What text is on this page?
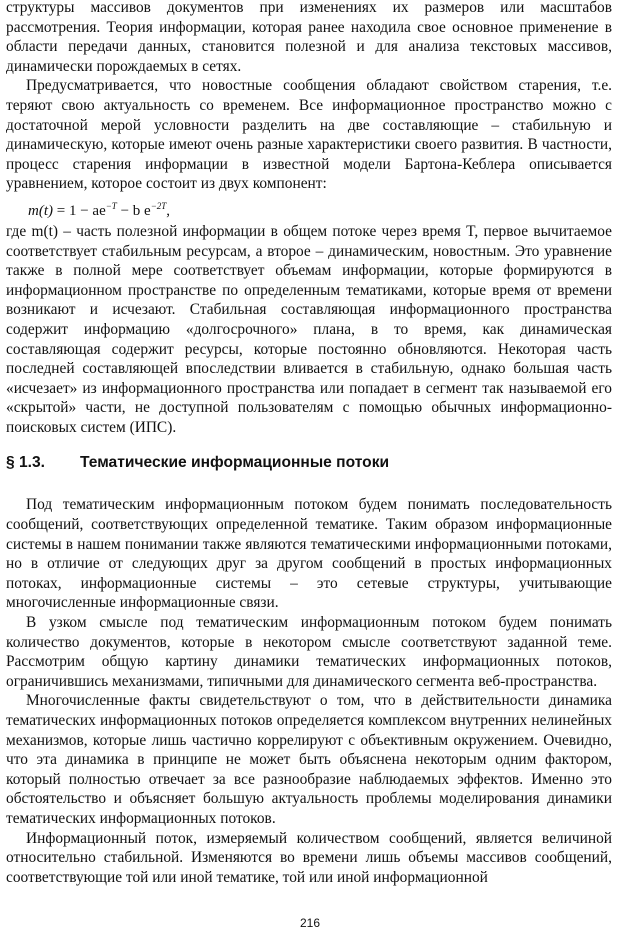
структуры массивов документов при изменениях их размеров или масштабов рассмотрения. Теория информации, которая ранее находила свое основное применение в области передачи данных, становится полезной и для анализа текстовых массивов, динамически порождаемых в сетях.

Предусматривается, что новостные сообщения обладают свойством старения, т.е. теряют свою актуальность со временем. Все информационное пространство можно с достаточной мерой условности разделить на две составляющие – стабильную и динамическую, которые имеют очень разные характеристики своего развития. В частности, процесс старения информации в известной модели Бартона-Кеблера описывается уравнением, которое состоит из двух компонент:

$m(t) = 1 - ae^{-T} - b$ $e^{-2T}$,

где m(t) – часть полезной информации в общем потоке через время T, первое вычитаемое соответствует стабильным ресурсам, а второе – динамическим, новостным. Это уравнение также в полной мере соответствует объемам информации, которые формируются в информационном пространстве по определенным тематиками, которые время от времени возникают и исчезают. Стабильная составляющая информационного пространства содержит информацию «долгосрочного» плана, в то время, как динамическая составляющая содержит ресурсы, которые постоянно обновляются. Некоторая часть последней составляющей впоследствии вливается в стабильную, однако большая часть «исчезает» из информационного пространства или попадает в сегмент так называемой его «скрытой» части, не доступной пользователям с помощью обычных информационно-поисковых систем (ИПС).

§ 1.3. Тематические информационные потоки

Под тематическим информационным потоком будем понимать последовательность сообщений, соответствующих определенной тематике. Таким образом информационные системы в нашем понимании также являются тематическими информационными потоками, но в отличие от следующих друг за другом сообщений в простых информационных потоках, информационные системы – это сетевые структуры, учитывающие многочисленные информационные связи.

В узком смысле под тематическим информационным потоком будем понимать количество документов, которые в некотором смысле соответствуют заданной теме. Рассмотрим общую картину динамики тематических информационных потоков, ограничившись механизмами, типичными для динамического сегмента веб-пространства.

Многочисленные факты свидетельствуют о том, что в действительности динамика тематических информационных потоков определяется комплексом внутренних нелинейных механизмов, которые лишь частично коррелируют с объективным окружением. Очевидно, что эта динамика в принципе не может быть объяснена некоторым одним фактором, который полностью отвечает за все разнообразие наблюдаемых эффектов. Именно это обстоятельство и объясняет большую актуальность проблемы моделирования динамики тематических информационных потоков.

Информационный поток, измеряемый количеством сообщений, является величиной относительно стабильной. Изменяются во времени лишь объемы массивов сообщений, соответствующие той или иной тематике, той или иной информационной

216
